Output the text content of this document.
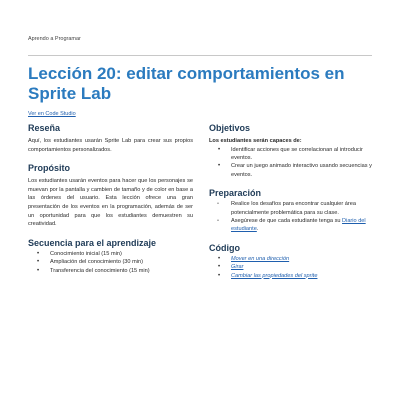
Aprendo a Programar
Lección 20: editar comportamientos en Sprite Lab
Ver en Code Studio
Reseña

Aquí, los estudiantes usarán Sprite Lab para crear sus propios comportamientos personalizados.

Propósito

Los estudiantes usarán eventos para hacer que los personajes se muevan por la pantalla y cambien de tamaño y de color en base a las órdenes del usuario. Esta lección ofrece una gran presentación de los eventos en la programación, además de ser un oportunidad para que los estudiantes demuestren su creatividad.

Secuencia para el aprendizaje
• Conocimiento inicial (15 min)
• Ampliación del conocimiento (30 min)
• Transferencia del conocimiento (15 min)
Objetivos

Los estudiantes serán capaces de:

• Identificar acciones que se correlacionan al introducir eventos.
• Crear un juego animado interactivo usando secuencias y eventos.
Preparación
▫ Realice los desafíos para encontrar cualquier área potencialmente problemática para su clase.
▫ Asegúrese de que cada estudiante tenga su Diario del estudiante.
Código
• Mover en una dirección
• Girar
• Cambiar las propiedades del sprite
